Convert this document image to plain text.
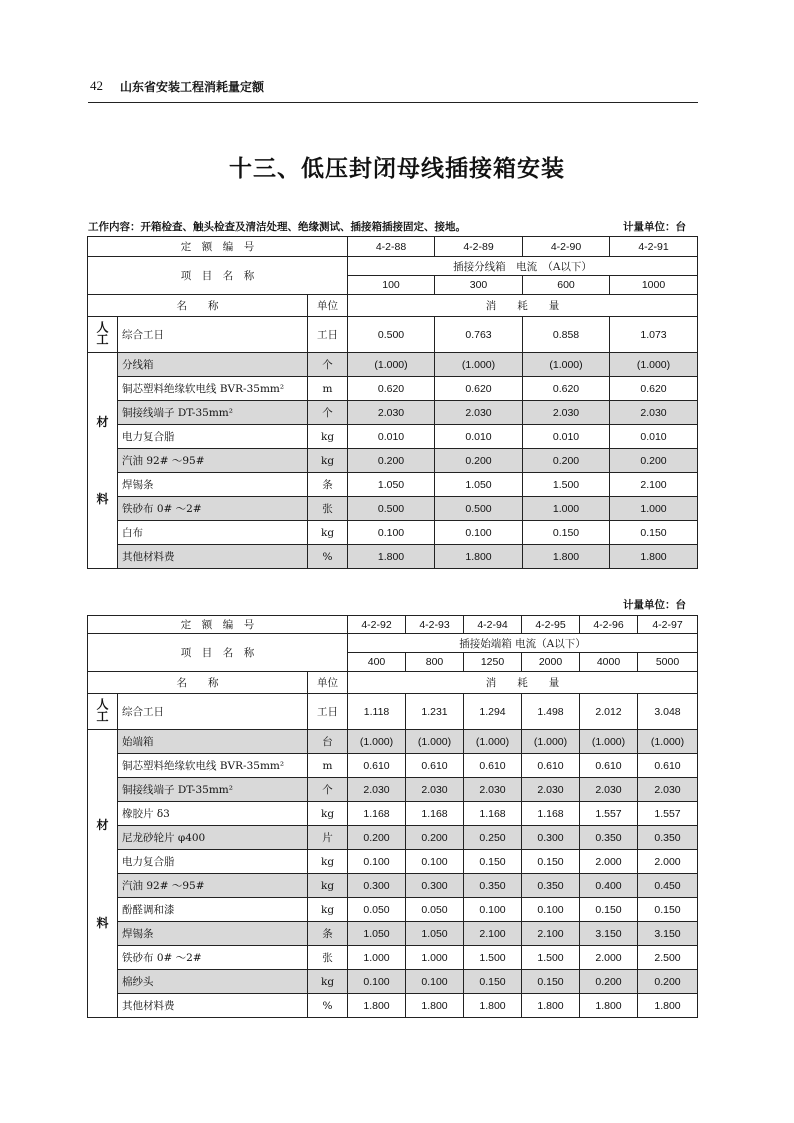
42 山东省安装工程消耗量定额
十三、低压封闭母线插接箱安装
工作内容：开箱检查、触头检查及清洁处理、绝缘测试、插接箱插接固定、接地。	计量单位：台
定　额　编　号			4-2-88	4-2-89	4-2-90	4-2-91
项　目　名　称			插接分线箱　电流　（A以下）			
			100	300	600	1000
名　　称		单位	消　　耗　　量			
人工	综合工日	工日	0.500	0.763	0.858	1.073

材
料	分线箱	个	(1.000)	(1.000)	(1.000)	(1.000)
	铜芯塑料绝缘软电线 BVR-35mm²	m	0.620	0.620	0.620	0.620
	铜接线端子 DT-35mm²	个	2.030	2.030	2.030	2.030
	电力复合脂	kg	0.010	0.010	0.010	0.010
	汽油 92# ～95#	kg	0.200	0.200	0.200	0.200
	焊锡条	条	1.050	1.050	1.500	2.100
	铁砂布 0# ～2#	张	0.500	0.500	1.000	1.000
	白布	kg	0.100	0.100	0.150	0.150
	其他材料费	%	1.800	1.800	1.800	1.800
计量单位：台
定　额　编　号			4-2-92	4-2-93	4-2-94	4-2-95	4-2-96	4-2-97
项　目　名　称			插接始端箱 电流（A以下）					
			400	800	1250	2000	4000	5000
名　　称		单位	消　　耗　　量					
人工	综合工日	工日	1.118	1.231	1.294	1.498	2.012	3.048

材
料	始端箱	台	(1.000)	(1.000)	(1.000)	(1.000)	(1.000)	(1.000)
	铜芯塑料绝缘软电线 BVR-35mm²	m	0.610	0.610	0.610	0.610	0.610	0.610
	铜接线端子 DT-35mm²	个	2.030	2.030	2.030	2.030	2.030	2.030
	橡胶片 δ3	kg	1.168	1.168	1.168	1.168	1.557	1.557
	尼龙砂轮片 φ400	片	0.200	0.200	0.250	0.300	0.350	0.350
	电力复合脂	kg	0.100	0.100	0.150	0.150	2.000	2.000
	汽油 92# ～95#	kg	0.300	0.300	0.350	0.350	0.400	0.450
	酚醛调和漆	kg	0.050	0.050	0.100	0.100	0.150	0.150
	焊锡条	条	1.050	1.050	2.100	2.100	3.150	3.150
	铁砂布 0# ～2#	张	1.000	1.000	1.500	1.500	2.000	2.500
	棉纱头	kg	0.100	0.100	0.150	0.150	0.200	0.200
	其他材料费	%	1.800	1.800	1.800	1.800	1.800	1.800
